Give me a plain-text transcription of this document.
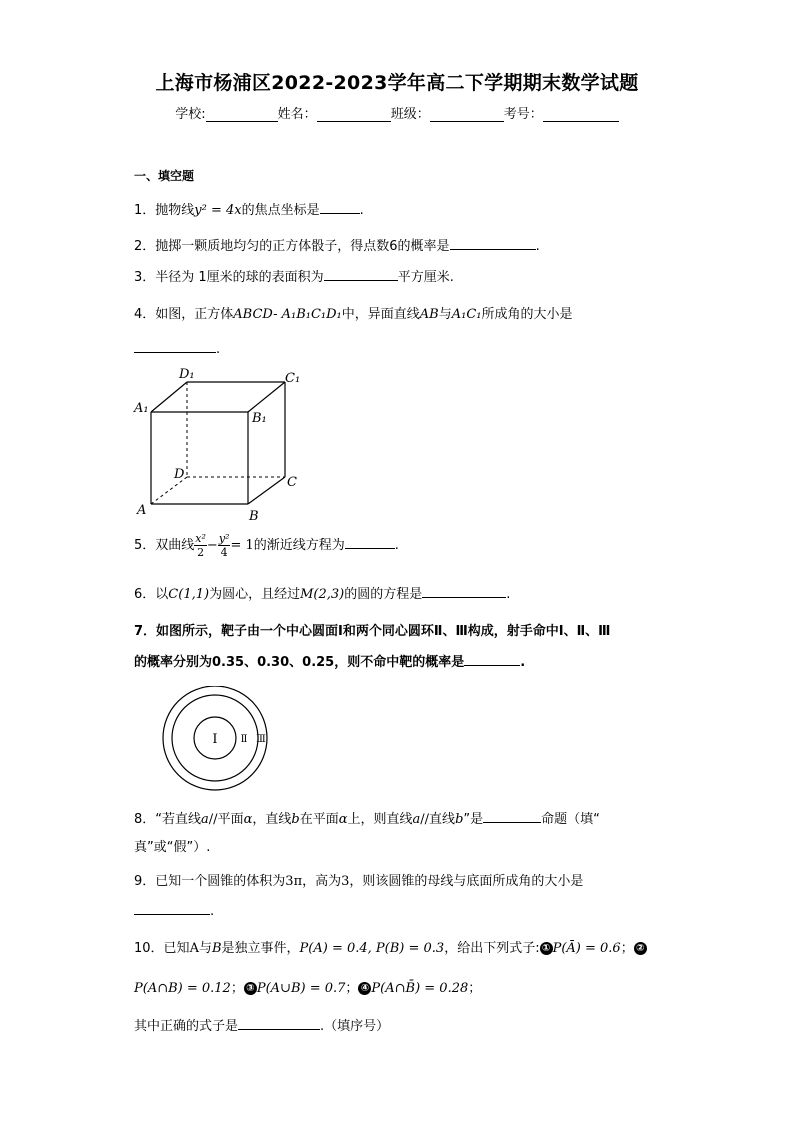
上海市杨浦区2022-2023学年高二下学期期末数学试题
学校:	姓名：	班级：	考号：
一、填空题
1．抛物线y² = 4x的焦点坐标是	.
2．抛掷一颗质地均匀的正方体骰子，得点数6的概率是	.
3．半径为 1厘米的球的表面积为	平方厘米.
4．如图，正方体ABCD- A₁B₁C₁D₁中，异面直线AB与A₁C₁所成角的大小是
.
D₁	C₁
A₁
B₁
D
C
A	B
5．双曲线 $\frac{\text{x²}}{2} - \frac{\text{y²}}{4} = 1$的渐近线方程为	.
6．以C(1,1)为圆心，且经过M(2,3)的圆的方程是	.
7．如图所示，靶子由一个中心圆面Ⅰ和两个同心圆环Ⅱ、Ⅲ构成，射手命中Ⅰ、Ⅱ、Ⅲ
的概率分别为0.35、0.30、0.25，则不命中靶的概率是	.
I Ⅱ Ⅲ
8．“若直线a//平面α，直线b在平面α上，则直线a//直线b”是	命题（填“
真”或“假”）.
9．已知一个圆锥的体积为3π，高为3，则该圆锥的母线与底面所成角的大小是
.
10．已知A与B是独立事件，P(A) = 0.4, P(B) = 0.3，给出下列式子: ① P(Ā) = 0.6； ②
P(A∩B) = 0.12； ③ P(A∪B) = 0.7； ④ P(A∩B̄) = 0.28；
其中正确的式子是	.（填序号）
